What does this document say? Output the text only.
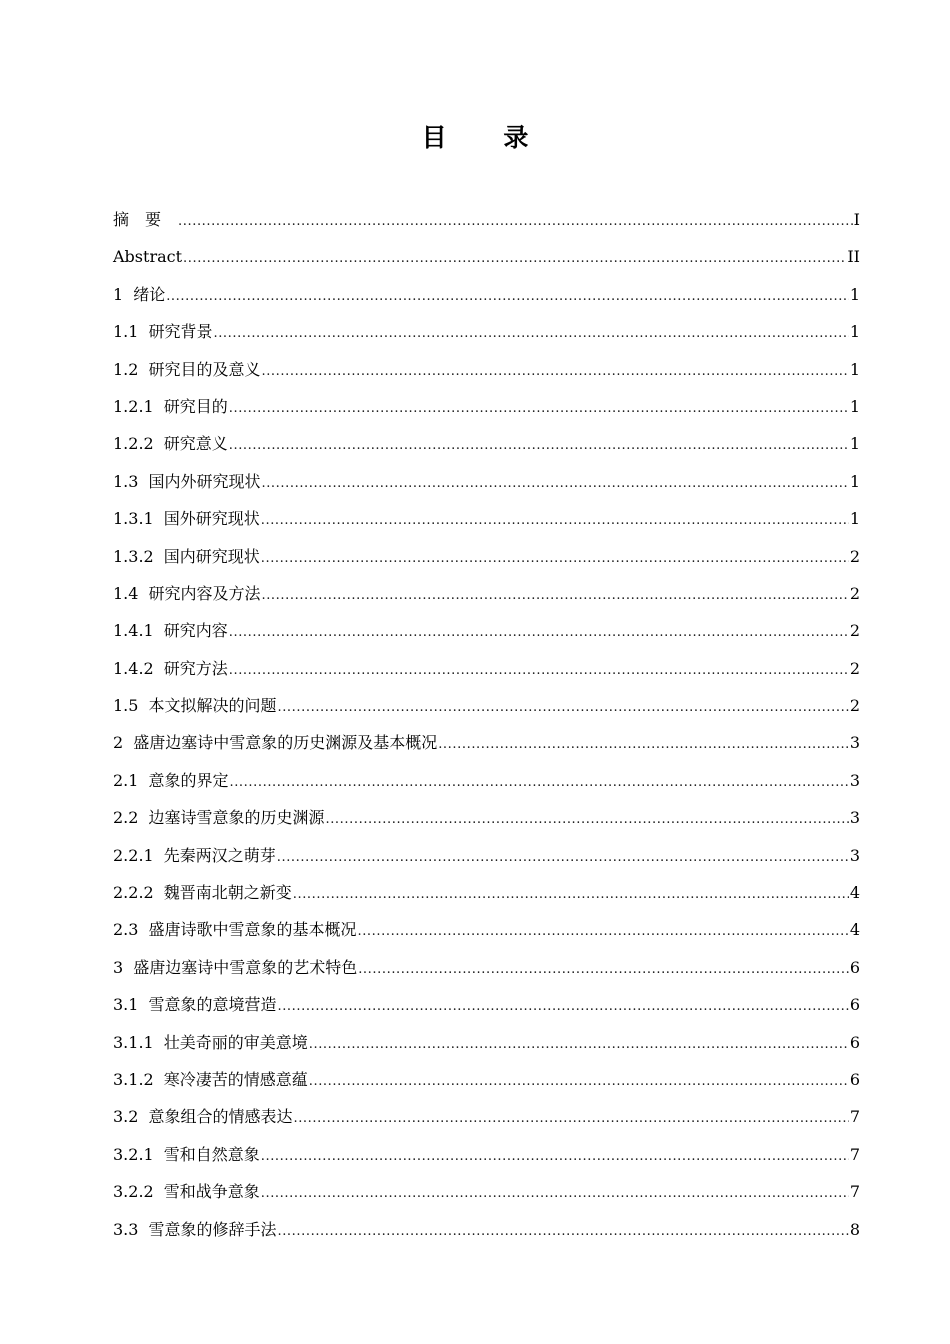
目 录
摘要 .....	I
Abstract .....	II
1 绪论 .....	1
1.1 研究背景 .....	1
1.2 研究目的及意义 .....	1
1.2.1 研究目的 .....	1
1.2.2 研究意义 .....	1
1.3 国内外研究现状 .....	1
1.3.1 国外研究现状 .....	1
1.3.2 国内研究现状 .....	2
1.4 研究内容及方法 .....	2
1.4.1 研究内容 .....	2
1.4.2 研究方法 .....	2
1.5 本文拟解决的问题 .....	2
2 盛唐边塞诗中雪意象的历史渊源及基本概况 .....	3
2.1 意象的界定 .....	3
2.2 边塞诗雪意象的历史渊源 .....	3
2.2.1 先秦两汉之萌芽 .....	3
2.2.2 魏晋南北朝之新变 .....	4
2.3 盛唐诗歌中雪意象的基本概况 .....	4
3 盛唐边塞诗中雪意象的艺术特色 .....	6
3.1 雪意象的意境营造 .....	6
3.1.1 壮美奇丽的审美意境 .....	6
3.1.2 寒冷凄苦的情感意蕴 .....	6
3.2 意象组合的情感表达 .....	7
3.2.1 雪和自然意象 .....	7
3.2.2 雪和战争意象 .....	7
3.3 雪意象的修辞手法 .....	8
